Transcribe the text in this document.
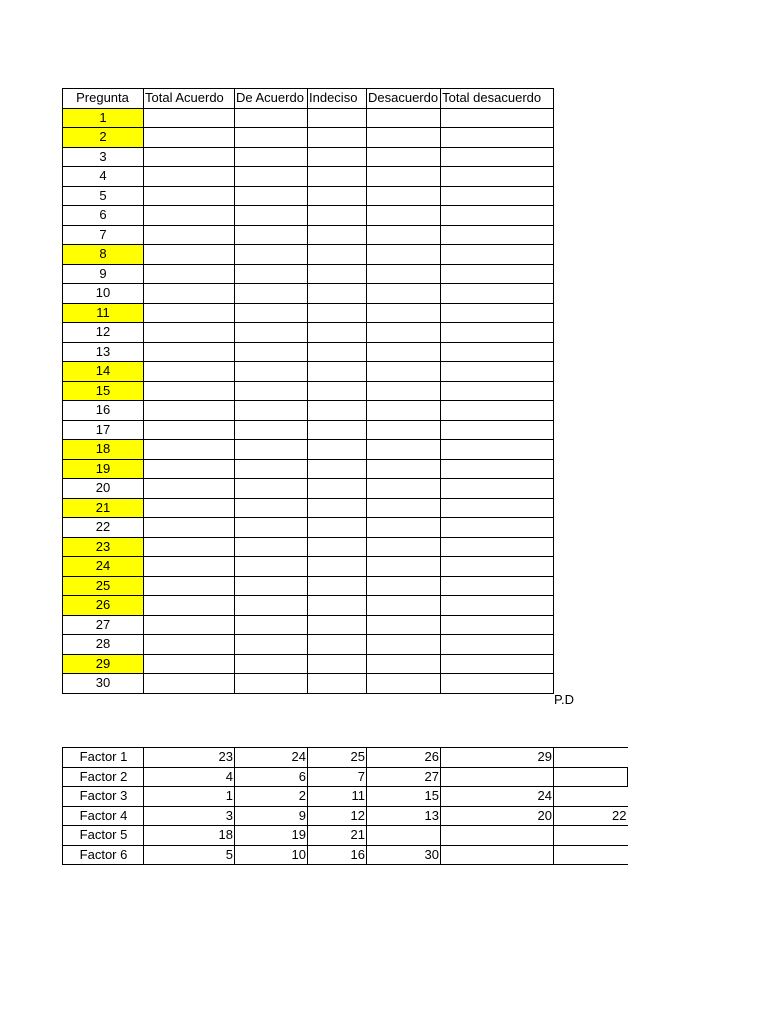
Pregunta	Total Acuerdo	De Acuerdo	Indeciso	Desacuerdo	Total desacuerdo
1					
2					
3					
4					
5					
6					
7					
8					
9					
10					
11					
12					
13					
14					
15					
16					
17					
18					
19					
20					
21					
22					
23					
24					
25					
26					
27					
28					
29					
30					
P.D
Factor 1	23	24	25	26	29	
Factor 2	4	6	7	27		
Factor 3	1	2	11	15	24	
Factor 4	3	9	12	13	20	22
Factor 5	18	19	21			
Factor 6	5	10	16	30		
